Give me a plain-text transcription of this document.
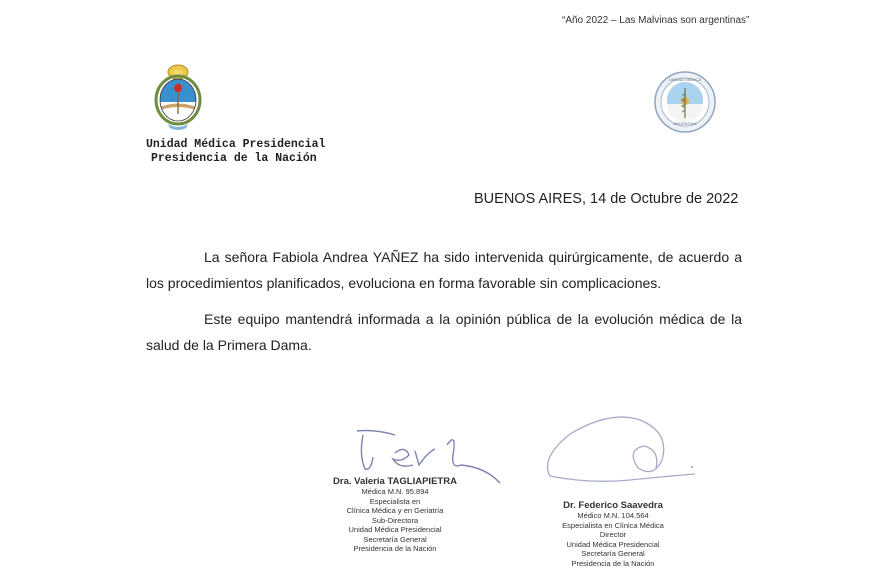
“Año 2022 – Las Malvinas son argentinas”
Unidad Médica Presidencial
Presidencia de la Nación
ARGENTINA
UNIDAD MÉDICA
BUENOS AIRES, 14 de Octubre de 2022

La señora Fabiola Andrea YAÑEZ ha sido intervenida quirúrgicamente, de acuerdo a los procedimientos planificados, evoluciona en forma favorable sin complicaciones.

Este equipo mantendrá informada a la opinión pública de la evolución médica de la salud de la Primera Dama.

Dra. Valeria TAGLIAPIETRA
Médica M.N. 95.894
Especialista en
Clínica Médica y en Geriatría
Sub-Directora
Unidad Médica Presidencial
Secretaría General
Presidencia de la Nación
Dr. Federico Saavedra
Médico M.N. 104.564
Especialista en Clínica Médica
Director
Unidad Médica Presidencial
Secretaría General
Presidencia de la Nación
